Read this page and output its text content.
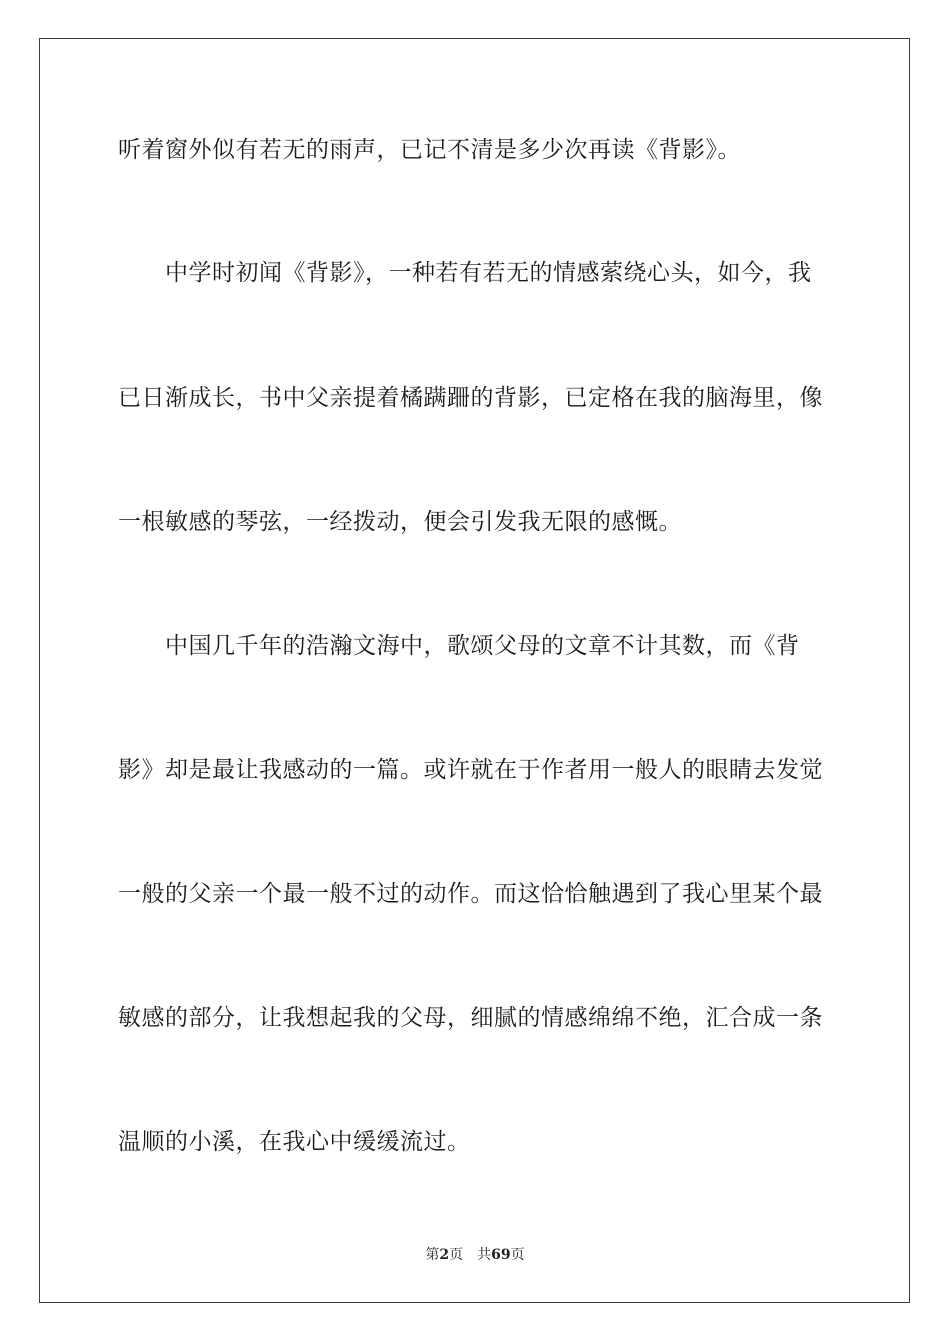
听着窗外似有若无的雨声，已记不清是多少次再读《背影》。
　　中学时初闻《背影》，一种若有若无的情感萦绕心头，如今，我
已日渐成长，书中父亲提着橘蹒跚的背影，已定格在我的脑海里，像
一根敏感的琴弦，一经拨动，便会引发我无限的感慨。
　　中国几千年的浩瀚文海中，歌颂父母的文章不计其数，而《背
影》却是最让我感动的一篇。或许就在于作者用一般人的眼睛去发觉
一般的父亲一个最一般不过的动作。而这恰恰触遇到了我心里某个最
敏感的部分，让我想起我的父母，细腻的情感绵绵不绝，汇合成一条
温顺的小溪，在我心中缓缓流过。
第2页 共69页
